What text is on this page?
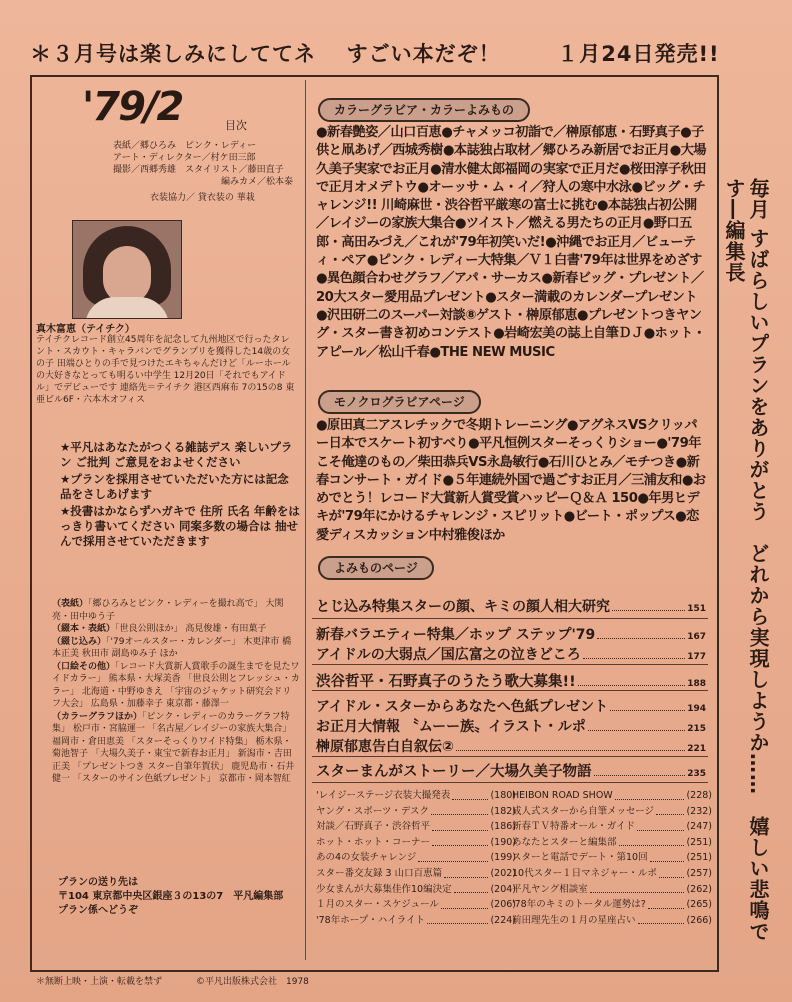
＊３月号は楽しみにしててネ すごい本だぞ！	１月24日発売!!
'79/2	目次
表紙／郷ひろみ　ピンク・レディー
アート・ディレクター／村ケ田三郎
撮影／西郷秀雄　スタイリスト／藤田直子
　　　　　　　　　　　　編みカメ／松本泰
衣装協力／ 貸衣装の 華栽
真木富恵（テイチク）
テイチクレコード創立45周年を記念して九州地区で行ったタレント・スカウト・キャラバンでグランプリを獲得した14歳の女の子 田端ひとりの手で見つけたエキちゃんだけど「ルーホールの大好きなとっても明るい中学生 12月20日「それでもアイドル」でデビューです 連絡先＝テイチク 港区西麻布 7の15の8 東亜ビル6F・六本木オフィス
★平凡はあなたがつくる雑誌デス 楽しいプラン ご批判 ご意見をおよせください
★プランを採用させていただいた方には記念品をさしあげます
★投書はかならずハガキで 住所 氏名 年齢をはっきり書いてください 同案多数の場合は 抽せんで採用させていただきます
（表紙）「郷ひろみとピンク・レディーを撮れ高で」 大関亮・田中ゆう子
（綴本・表紙）「世良公則ほか」 高見俊雄・有田菓子
（綴じ込み）「'79オールスター・カレンダー」 木更津市 橋本正美 秋田市 副島ゆみ子 ほか
（口絵その他）「レコード大賞新人賞歌手の誕生までを見たワイドカラー」 熊本県・大塚美香 「世良公則とフレッシュ・カラー」 北海道・中野ゆきえ 「宇宙のジャケット研究会ドリフ大会」 広島県・加藤幸子 東京都・藤澤一
（カラーグラフほか）「ピンク・レディーのカラーグラフ特集」 松戸市・宮脇運一 「名古屋／レイジーの家族大集合」 福岡市・倉田恵美 「スターそっくりワイド特集」 栃木県・菊池智子 「大場久美子・東宝で新春お正月」 新潟市・吉田正美 「プレゼントつき スター自筆年賀状」 鹿児島市・石井健一 「スターのサイン色紙プレゼント」 京都市・岡本智紅
プランの送り先は
〒104 東京都中央区銀座３の13の7　平凡編集部　プラン係へどうぞ
＊無断上映・上演・転載を禁ず	©平凡出版株式会社　1978
カラーグラビア・カラーよみもの
●新春艶姿／山口百恵●チャメッコ初詣で／榊原郁恵・石野真子●子供と凧あげ／西城秀樹●本誌独占取材／郷ひろみ新居でお正月●大場久美子実家でお正月●清水健太郎福岡の実家で正月だ●桜田淳子秋田で正月オメデトウ●オーッサ・ム・イ／狩人の寒中水泳●ビッグ・チャレンジ!! 川崎麻世・渋谷哲平厳寒の富士に挑む●本誌独占初公開／レイジーの家族大集合●ツイスト／燃える男たちの正月●野口五郎・高田みづえ／これが'79年初笑いだ!●沖縄でお正月／ビューティ・ペア●ピンク・レディー大特集／Ｖ１白書'79年は世界をめざす●異色顔合わせグラフ／アパ・サーカス●新春ビッグ・プレゼント／20大スター愛用品プレゼント●スター満載のカレンダープレゼント●沢田研二のスーパー対談⑧ゲスト・榊原郁恵●プレゼントつきヤング・スター書き初めコンテスト●岩崎宏美の誌上自筆ＤＪ●ホット・アピール／松山千春●THE NEW MUSIC
モノクログラビアページ
●原田真二アスレチックで冬期トレーニング●アグネスVSクリッパー日本でスケート初すべり●平凡恒例スターそっくりショー●'79年こそ俺達のもの／柴田恭兵VS永島敏行●石川ひとみ／モチつき●新春コンサート・ガイド●５年連続外国で過ごすお正月／三浦友和●おめでとう！レコード大賞新人賞受賞ハッピーＱ＆Ａ 150●年男ヒデキが'79年にかけるチャレンジ・スピリット●ビート・ポップス●恋愛ディスカッション中村雅俊ほか
よみものページ
とじ込み特集スターの顔、キミの顔人相大研究	151
新春バラエティー特集／ホップ ステップ'79	167
アイドルの大弱点／国広富之の泣きどころ	177
渋谷哲平・石野真子のうたう歌大募集!!	188
アイドル・スターからあなたへ色紙プレゼント	194
お正月大情報 〝ムーー族〟イラスト・ルポ	215
榊原郁恵告白自叙伝②	221
スターまんがストーリー／大場久美子物語	235
'レイジーステージ衣装大撮発表	(180)
ヤング・スポーツ・デスク	(182)
対談／石野真子・渋谷哲平	(186)
ホット・ホット・コーナー	(190)
あの4の女装チャレンジ	(199)
スター番交友録 3 山口百恵篇	(202)
少女まんが大募集佳作10編決定	(204)
１月のスター・スケジュール	(206)
'78年ホープ・ハイライト	(224)
HEIBON ROAD SHOW	(228)
成人式スターから自筆メッセージ	(232)
新春ＴＶ特番オール・ガイド	(247)
あなたとスターと編集部	(251)
スターと電話でデート・第10回	(251)
10代スター１日マネジャー・ルポ	(257)
平凡ヤング相談室	(262)
'78年のキミのトータル運勢は?	(265)
前田理先生の１月の星座占い	(266)
毎月 すばらしいプランをありがとう　どれから実現しようか……　嬉しい悲鳴です―編集長
